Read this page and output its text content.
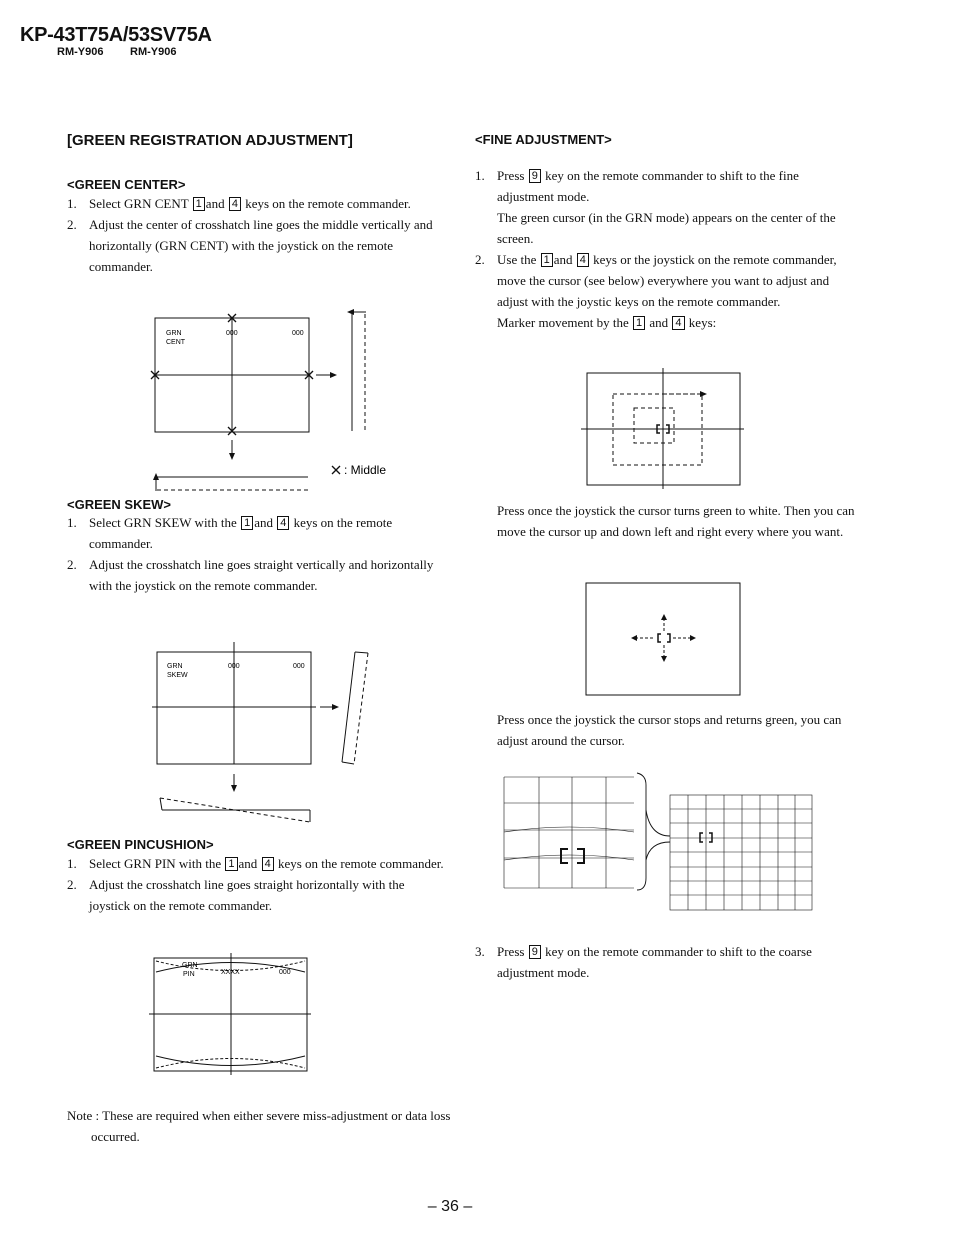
KP-43T75A/53SV75A
RM-Y906 RM-Y906
[GREEN REGISTRATION ADJUSTMENT]
<GREEN CENTER>
1. Select GRN CENT 1 and 4 keys on the remote commander.
2. Adjust the center of crosshatch line goes the middle vertically and horizontally (GRN CENT) with the joystick on the remote commander.
GRN
CENT
000	000
: Middle
<GREEN SKEW>
1. Select GRN SKEW with the 1 and 4 keys on the remote commander.
2. Adjust the crosshatch line goes straight vertically and horizontally with the joystick on the remote commander.
GRN
SKEW
000	000
<GREEN PINCUSHION>
1. Select GRN PIN with the 1 and 4 keys on the remote commander.
2. Adjust the crosshatch line goes straight horizontally with the joystick on the remote commander.
GRN
PIN	XXXX	000
Note : These are required when either severe miss-adjustment or data loss occurred.
<FINE ADJUSTMENT>
1. Press 9 key on the remote commander to shift to the fine adjustment mode.
The green cursor (in the GRN mode) appears on the center of the screen.
2. Use the 1 and 4 keys or the joystick on the remote commander, move the cursor (see below) everywhere you want to adjust and adjust with the joystic keys on the remote commander.
Marker movement by the 1 and 4 keys:
Press once the joystick the cursor turns green to white. Then you can move the cursor up and down left and right every where you want.
Press once the joystick the cursor stops and returns green, you can adjust around the cursor.
3. Press 9 key on the remote commander to shift to the coarse adjustment mode.
– 36 –
